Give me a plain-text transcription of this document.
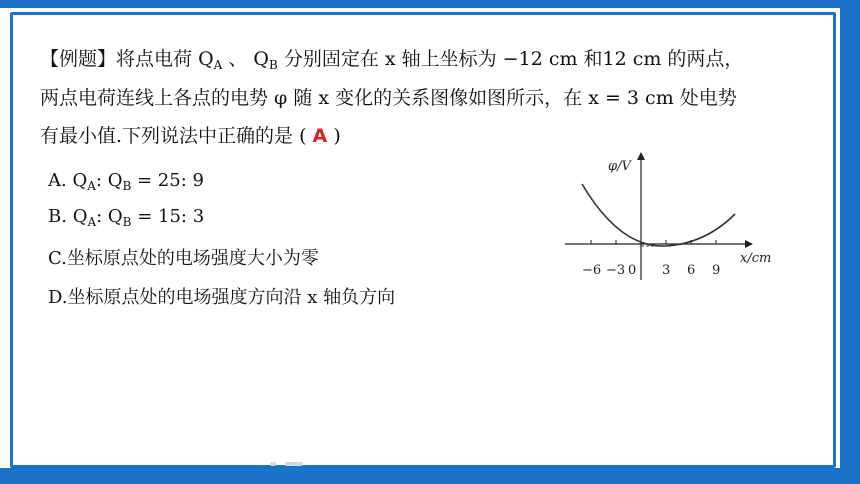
【例题】将点电荷 $Q_A$ 、 $Q_B$ 分别固定在 x 轴上坐标为 −12 cm 和12 cm 的两点，
两点电荷连线上各点的电势 φ 随 x 变化的关系图像如图所示，在 x = 3 cm 处电势
有最小值.下列说法中正确的是 ( A )
A. $Q_A$: $Q_B = 25$: 9
B. $Q_A$: $Q_B = 15$: 3
C.坐标原点处的电场强度大小为零
D.坐标原点处的电场强度方向沿 x 轴负方向
−6 −3 0 3 6 9
φ/V
x/cm
